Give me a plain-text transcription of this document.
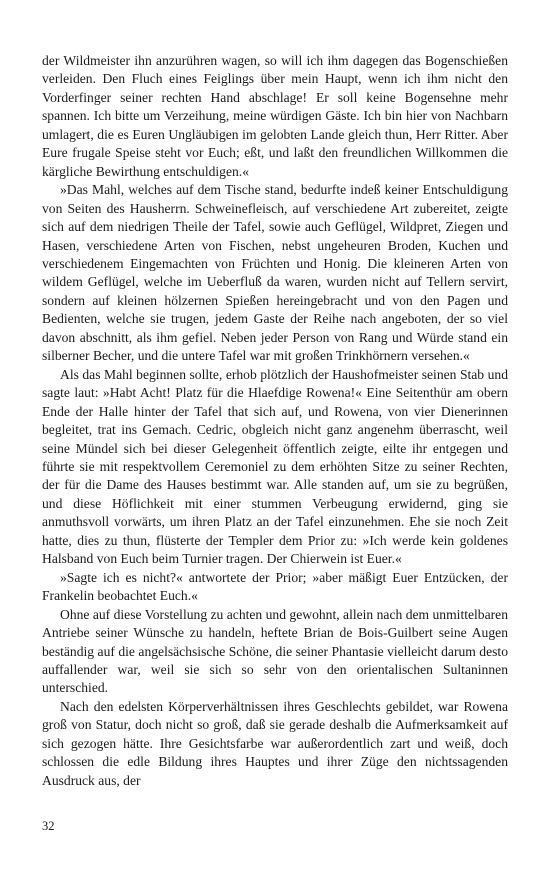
der Wildmeister ihn anzurühren wagen, so will ich ihm dagegen das Bogenschießen verleiden. Den Fluch eines Feiglings über mein Haupt, wenn ich ihm nicht den Vorderfinger seiner rechten Hand abschlage! Er soll keine Bogensehne mehr spannen. Ich bitte um Verzeihung, meine würdigen Gäste. Ich bin hier von Nachbarn umlagert, die es Euren Ungläubigen im gelobten Lande gleich thun, Herr Ritter. Aber Eure frugale Speise steht vor Euch; eßt, und laßt den freundlichen Willkommen die kärgliche Bewirthung entschuldigen.«

»Das Mahl, welches auf dem Tische stand, bedurfte indeß keiner Entschuldigung von Seiten des Hausherrn. Schweinefleisch, auf verschiedene Art zubereitet, zeigte sich auf dem niedrigen Theile der Tafel, sowie auch Geflügel, Wildpret, Ziegen und Hasen, verschiedene Arten von Fischen, nebst ungeheuren Broden, Kuchen und verschiedenem Eingemachten von Früchten und Honig. Die kleineren Arten von wildem Geflügel, welche im Ueberfluß da waren, wurden nicht auf Tellern servirt, sondern auf kleinen hölzernen Spießen hereingebracht und von den Pagen und Bedienten, welche sie trugen, jedem Gaste der Reihe nach angeboten, der so viel davon abschnitt, als ihm gefiel. Neben jeder Person von Rang und Würde stand ein silberner Becher, und die untere Tafel war mit großen Trinkhörnern versehen.«

Als das Mahl beginnen sollte, erhob plötzlich der Haushofmeister seinen Stab und sagte laut: »Habt Acht! Platz für die Hlaefdige Rowena!« Eine Seitenthür am obern Ende der Halle hinter der Tafel that sich auf, und Rowena, von vier Dienerinnen begleitet, trat ins Gemach. Cedric, obgleich nicht ganz angenehm überrascht, weil seine Mündel sich bei dieser Gelegenheit öffentlich zeigte, eilte ihr entgegen und führte sie mit respektvollem Ceremoniel zu dem erhöhten Sitze zu seiner Rechten, der für die Dame des Hauses bestimmt war. Alle standen auf, um sie zu begrüßen, und diese Höflichkeit mit einer stummen Verbeugung erwidernd, ging sie anmuthsvoll vorwärts, um ihren Platz an der Tafel einzunehmen. Ehe sie noch Zeit hatte, dies zu thun, flüsterte der Templer dem Prior zu: »Ich werde kein goldenes Halsband von Euch beim Turnier tragen. Der Chierwein ist Euer.«

»Sagte ich es nicht?« antwortete der Prior; »aber mäßigt Euer Entzücken, der Frankelin beobachtet Euch.«

Ohne auf diese Vorstellung zu achten und gewohnt, allein nach dem unmittelbaren Antriebe seiner Wünsche zu handeln, heftete Brian de Bois-Guilbert seine Augen beständig auf die angelsächsische Schöne, die seiner Phantasie vielleicht darum desto auffallender war, weil sie sich so sehr von den orientalischen Sultaninnen unterschied.

Nach den edelsten Körperverhältnissen ihres Geschlechts gebildet, war Rowena groß von Statur, doch nicht so groß, daß sie gerade deshalb die Aufmerksamkeit auf sich gezogen hätte. Ihre Gesichtsfarbe war außerordentlich zart und weiß, doch schlossen die edle Bildung ihres Hauptes und ihrer Züge den nichtssagenden Ausdruck aus, der

32
